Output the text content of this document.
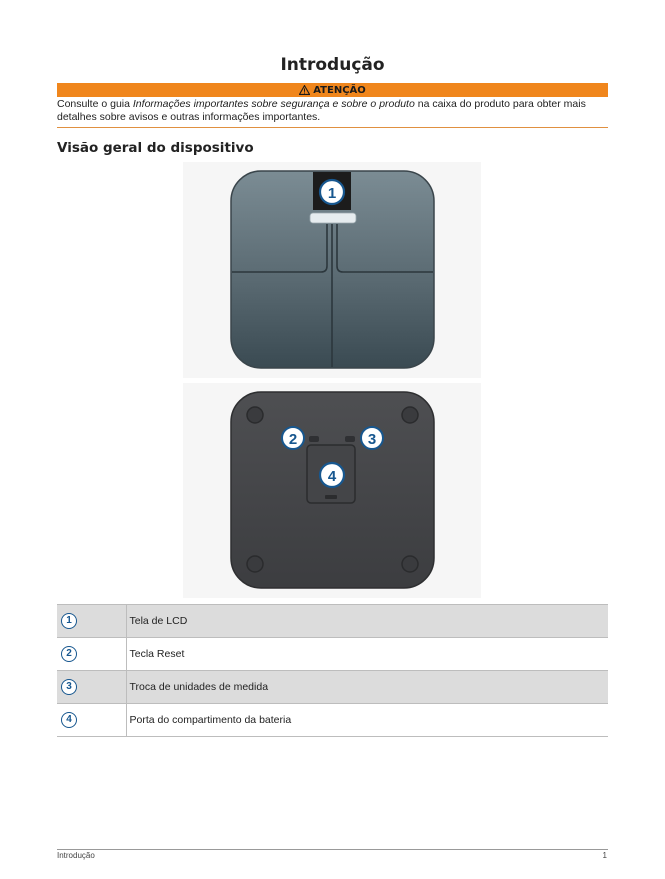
Introdução
ATENÇÃO
Consulte o guia Informações importantes sobre segurança e sobre o produto na caixa do produto para obter mais detalhes sobre avisos e outras informações importantes.
Visão geral do dispositivo
1
2	3
4
1	Tela de LCD
2	Tecla Reset
3	Troca de unidades de medida
4	Porta do compartimento da bateria
Introdução	1
